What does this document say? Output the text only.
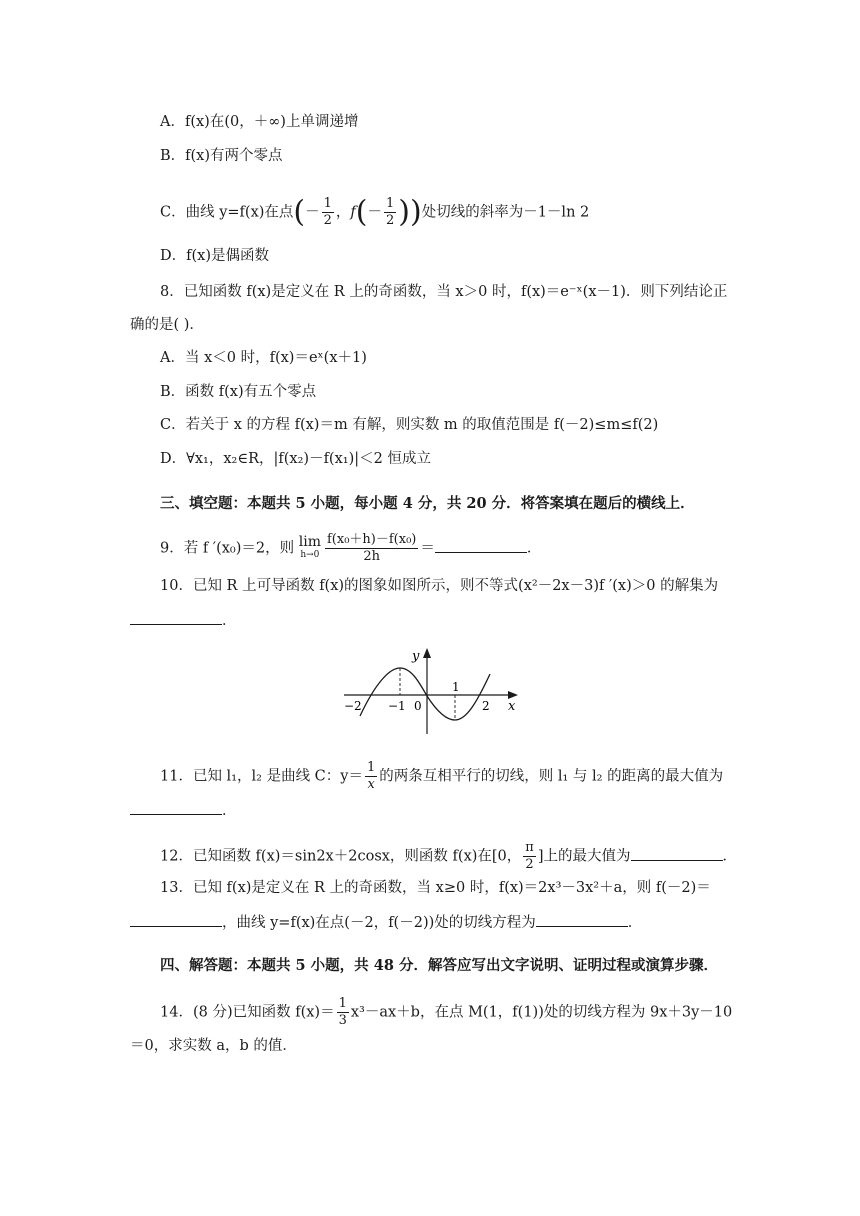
A．f(x)在(0，＋∞)上单调递增
B．f(x)有两个零点
C．曲线 y=f(x)在点(－ $\frac{1}{2}$ ，$f(- \frac{1}{2}$ ))处切线的斜率为－1－ln 2
D．f(x)是偶函数
8．已知函数 f(x)是定义在 R 上的奇函数，当 x＞0 时，f(x)＝e⁻ˣ(x－1)．则下列结论正
确的是( )．
A．当 x＜0 时，f(x)＝eˣ(x＋1)
B．函数 f(x)有五个零点
C．若关于 x 的方程 f(x)＝m 有解，则实数 m 的取值范围是 f(－2)≤m≤f(2)
D．∀x₁，x₂∈R，|f(x₂)－f(x₁)|＜2 恒成立
三、填空题：本题共 5 小题，每小题 4 分，共 20 分．将答案填在题后的横线上．
9．若 f ′(x₀)＝2，则 lim
$h\to 0 \frac{\text{f(x₀＋h)－f(x₀)}}{2h}$ ＝	．
10．已知 R 上可导函数 f(x)的图象如图所示，则不等式(x²－2x－3)f ′(x)＞0 的解集为
．
y
x
−2 −1 0
1
2
11．已知 l₁，l₂ 是曲线 C：$y= \frac{1}{x}$ 的两条互相平行的切线，则 l₁ 与 l₂ 的距离的最大值为
．
12．已知函数 f(x)＝sin2x＋2cosx，则函数 f(x)在[0， $\frac{\pi}{2}$ ]上的最大值为	．
13．已知 f(x)是定义在 R 上的奇函数，当 x≥0 时，f(x)＝2x³－3x²＋a，则 f(－2)＝
，曲线 y=f(x)在点(－2，f(－2))处的切线方程为	．
四、解答题：本题共 5 小题，共 48 分．解答应写出文字说明、证明过程或演算步骤．
14．(8 分)已知函数 $f(x)= \frac{1}{3} x^3-ax+b$，在点 M(1，f(1))处的切线方程为 9x＋3y－10
＝0，求实数 a，b 的值．
